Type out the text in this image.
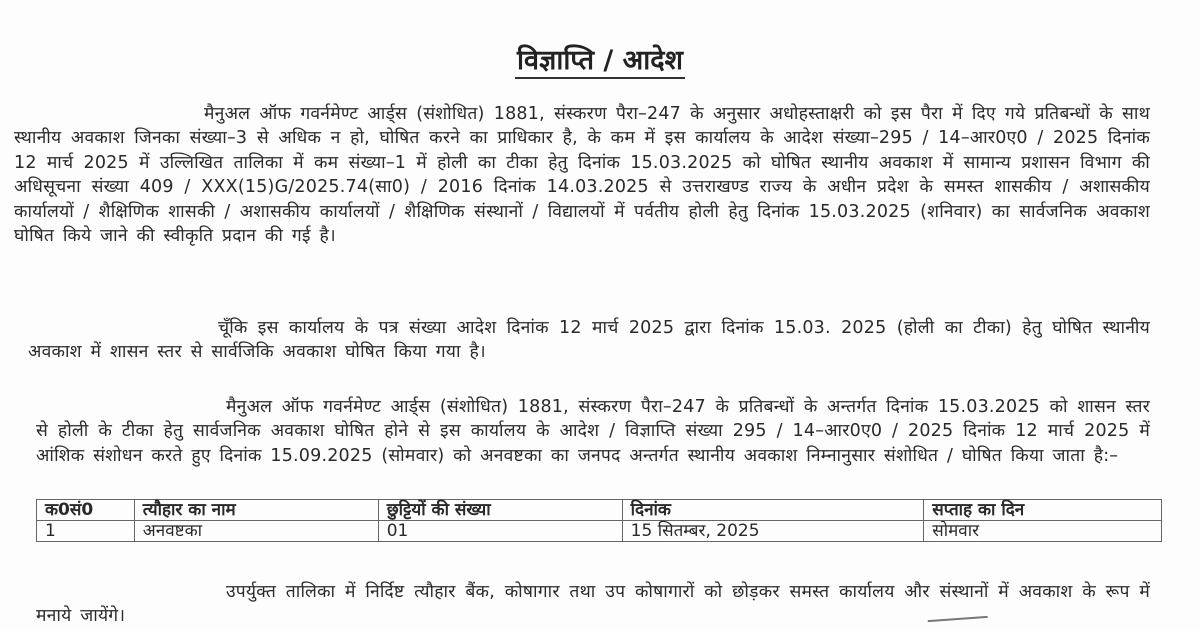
विज्ञाप्ति / आदेश

मैनुअल ऑफ गवर्नमेण्ट आर्ड्स (संशोधित) 1881, संस्करण पैरा–247 के अनुसार अधोहस्ताक्षरी को इस पैरा में दिए गये प्रतिबन्धों के साथ स्थानीय अवकाश जिनका संख्या–3 से अधिक न हो, घोषित करने का प्राधिकार है, के कम में इस कार्यालय के आदेश संख्या–295 / 14–आर0ए0 / 2025 दिनांक 12 मार्च 2025 में उल्लिखित तालिका में कम संख्या–1 में होली का टीका हेतु दिनांक 15.03.2025 को घोषित स्थानीय अवकाश में सामान्य प्रशासन विभाग की अधिसूचना संख्या 409 / XXX(15)G/2025.74(सा0) / 2016 दिनांक 14.03.2025 से उत्तराखण्ड राज्य के अधीन प्रदेश के समस्त शासकीय / अशासकीय कार्यालयों / शैक्षिणिक शासकी / अशासकीय कार्यालयों / शैक्षिणिक संस्थानों / विद्यालयों में पर्वतीय होली हेतु दिनांक 15.03.2025 (शनिवार) का सार्वजनिक अवकाश घोषित किये जाने की स्वीकृति प्रदान की गई है।

चूँकि इस कार्यालय के पत्र संख्या आदेश दिनांक 12 मार्च 2025 द्वारा दिनांक 15.03. 2025 (होली का टीका) हेतु घोषित स्थानीय अवकाश में शासन स्तर से सार्वजिकि अवकाश घोषित किया गया है।

मैनुअल ऑफ गवर्नमेण्ट आर्ड्स (संशोधित) 1881, संस्करण पैरा–247 के प्रतिबन्धों के अन्तर्गत दिनांक 15.03.2025 को शासन स्तर से होली के टीका हेतु सार्वजनिक अवकाश घोषित होने से इस कार्यालय के आदेश / विज्ञाप्ति संख्या 295 / 14–आर0ए0 / 2025 दिनांक 12 मार्च 2025 में आंशिक संशोधन करते हुए दिनांक 15.09.2025 (सोमवार) को अनवष्टका का जनपद अन्तर्गत स्थानीय अवकाश निम्नानुसार संशोधित / घोषित किया जाता है:–

क0सं0	त्यौहार का नाम	छुट्टियों की संख्या	दिनांक	सप्ताह का दिन
1	अनवष्टका	01	15 सितम्बर, 2025	सोमवार

उपर्युक्त तालिका में निर्दिष्ट त्यौहार बैंक, कोषागार तथा उप कोषागारों को छोड़कर समस्त कार्यालय और संस्थानों में अवकाश के रूप में मनाये जायेंगे।
